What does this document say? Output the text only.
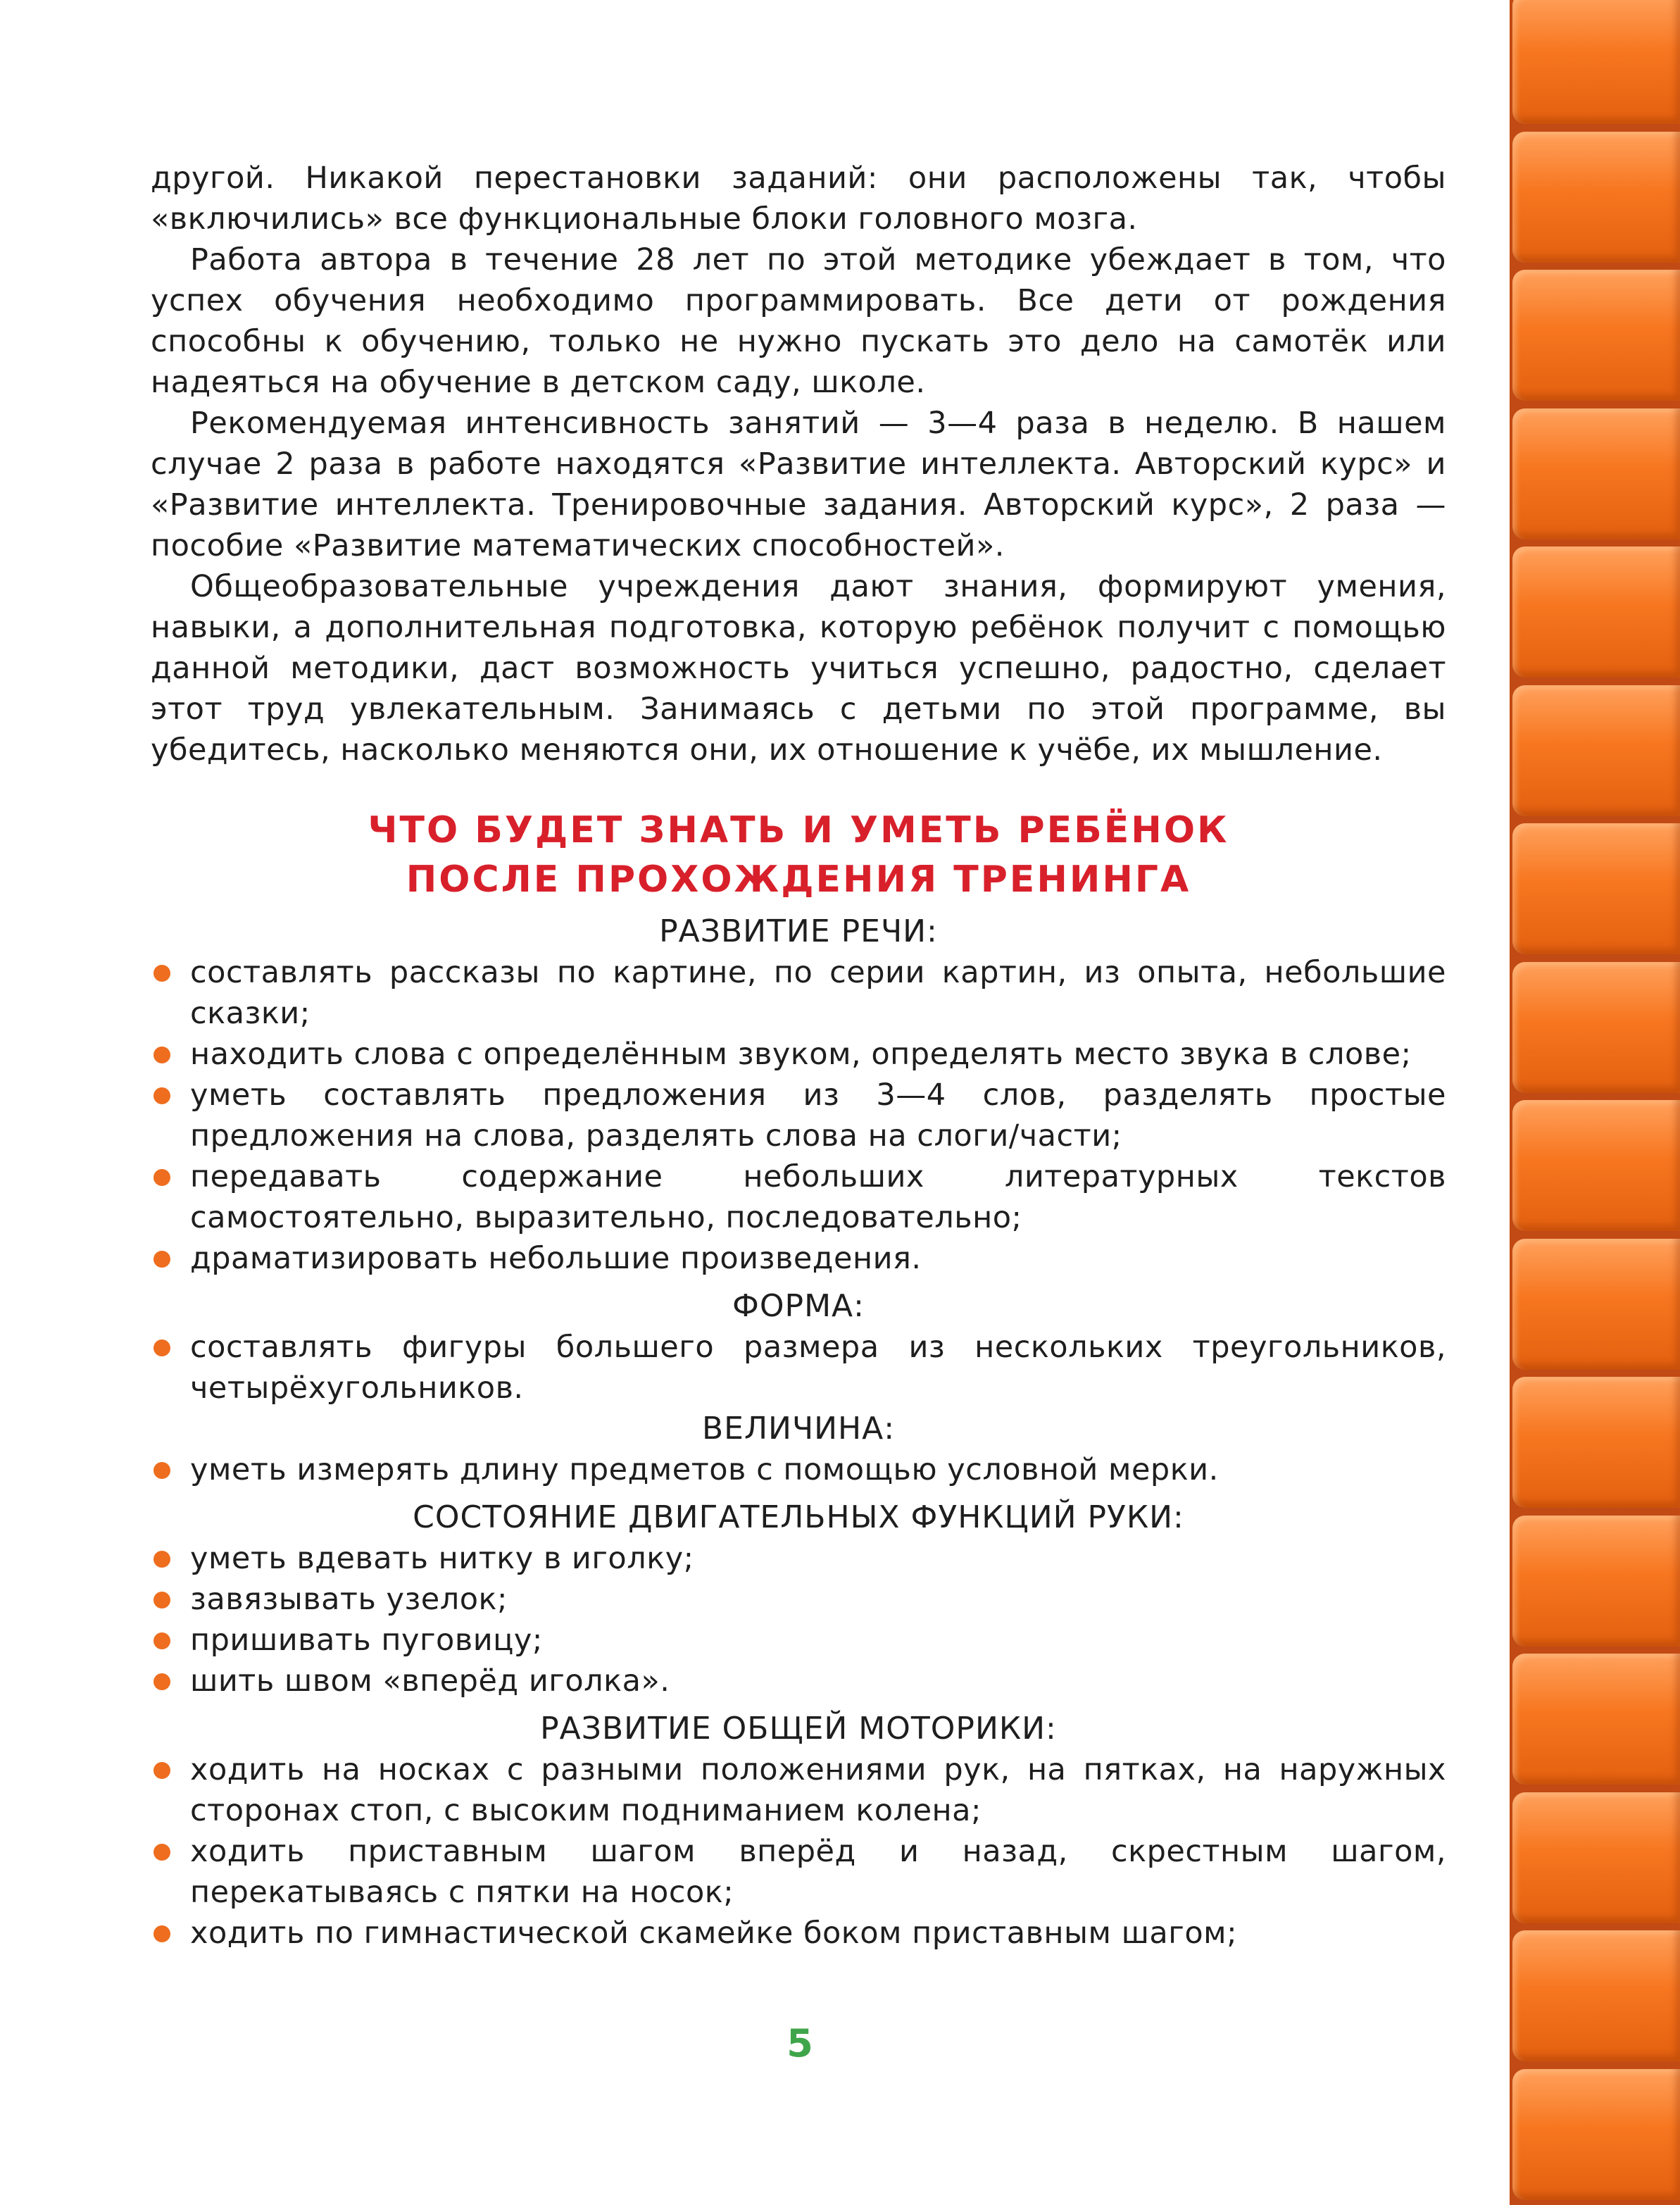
другой. Никакой перестановки заданий: они расположены так, чтобы «включились» все функциональные блоки головного мозга.

Работа автора в течение 28 лет по этой методике убеждает в том, что успех обучения необходимо программировать. Все дети от рождения способны к обучению, только не нужно пускать это дело на самотёк или надеяться на обучение в детском саду, школе.

Рекомендуемая интенсивность занятий — 3—4 раза в неделю. В нашем случае 2 раза в работе находятся «Развитие интеллекта. Авторский курс» и «Развитие интеллекта. Тренировочные задания. Авторский курс», 2 раза — пособие «Развитие математических способностей».

Общеобразовательные учреждения дают знания, формируют умения, навыки, а дополнительная подготовка, которую ребёнок получит с помощью данной методики, даст возможность учиться успешно, радостно, сделает этот труд увлекательным. Занимаясь с детьми по этой программе, вы убедитесь, насколько меняются они, их отношение к учёбе, их мышление.

ЧТО БУДЕТ ЗНАТЬ И УМЕТЬ РЕБЁНОК
ПОСЛЕ ПРОХОЖДЕНИЯ ТРЕНИНГА
РАЗВИТИЕ РЕЧИ:
составлять рассказы по картине, по серии картин, из опыта, небольшие сказки;
находить слова с определённым звуком, определять место звука в слове;
уметь составлять предложения из 3—4 слов, разделять простые предложения на слова, разделять слова на слоги/части;
передавать содержание небольших литературных текстов самостоятельно, выразительно, последовательно;
драматизировать небольшие произведения.
ФОРМА:
составлять фигуры большего размера из нескольких треугольников, четырёхугольников.
ВЕЛИЧИНА:
уметь измерять длину предметов с помощью условной мерки.
СОСТОЯНИЕ ДВИГАТЕЛЬНЫХ ФУНКЦИЙ РУКИ:
уметь вдевать нитку в иголку;
завязывать узелок;
пришивать пуговицу;
шить швом «вперёд иголка».
РАЗВИТИЕ ОБЩЕЙ МОТОРИКИ:
ходить на носках с разными положениями рук, на пятках, на наружных сторонах стоп, с высоким подниманием колена;
ходить приставным шагом вперёд и назад, скрестным шагом, перекатываясь с пятки на носок;
ходить по гимнастической скамейке боком приставным шагом;
5
